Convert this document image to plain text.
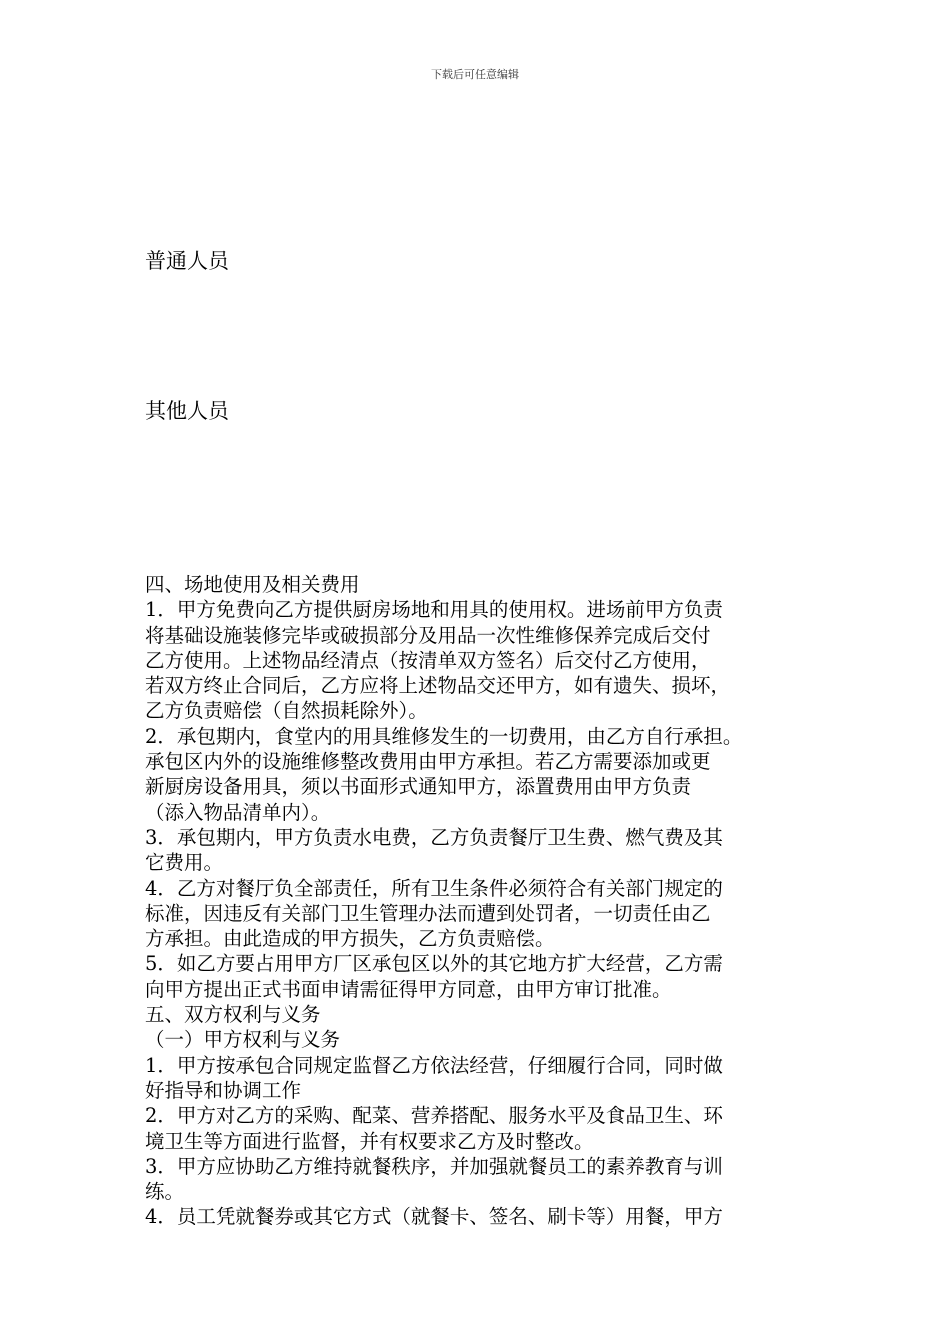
下载后可任意编辑
普通人员
其他人员

四、场地使用及相关费用

1．甲方免费向乙方提供厨房场地和用具的使用权。进场前甲方负责

将基础设施装修完毕或破损部分及用品一次性维修保养完成后交付

乙方使用。上述物品经清点（按清单双方签名）后交付乙方使用，

若双方终止合同后，乙方应将上述物品交还甲方，如有遗失、损坏，

乙方负责赔偿（自然损耗除外）。

2．承包期内，食堂内的用具维修发生的一切费用，由乙方自行承担。

承包区内外的设施维修整改费用由甲方承担。若乙方需要添加或更

新厨房设备用具，须以书面形式通知甲方，添置费用由甲方负责

（添入物品清单内）。

3．承包期内，甲方负责水电费，乙方负责餐厅卫生费、燃气费及其

它费用。

4．乙方对餐厅负全部责任，所有卫生条件必须符合有关部门规定的

标准，因违反有关部门卫生管理办法而遭到处罚者，一切责任由乙

方承担。由此造成的甲方损失，乙方负责赔偿。

5．如乙方要占用甲方厂区承包区以外的其它地方扩大经营，乙方需

向甲方提出正式书面申请需征得甲方同意，由甲方审订批准。

五、双方权利与义务

（一）甲方权利与义务

1．甲方按承包合同规定监督乙方依法经营，仔细履行合同，同时做

好指导和协调工作

2．甲方对乙方的采购、配菜、营养搭配、服务水平及食品卫生、环

境卫生等方面进行监督，并有权要求乙方及时整改。

3．甲方应协助乙方维持就餐秩序，并加强就餐员工的素养教育与训

练。

4．员工凭就餐券或其它方式（就餐卡、签名、刷卡等）用餐，甲方
